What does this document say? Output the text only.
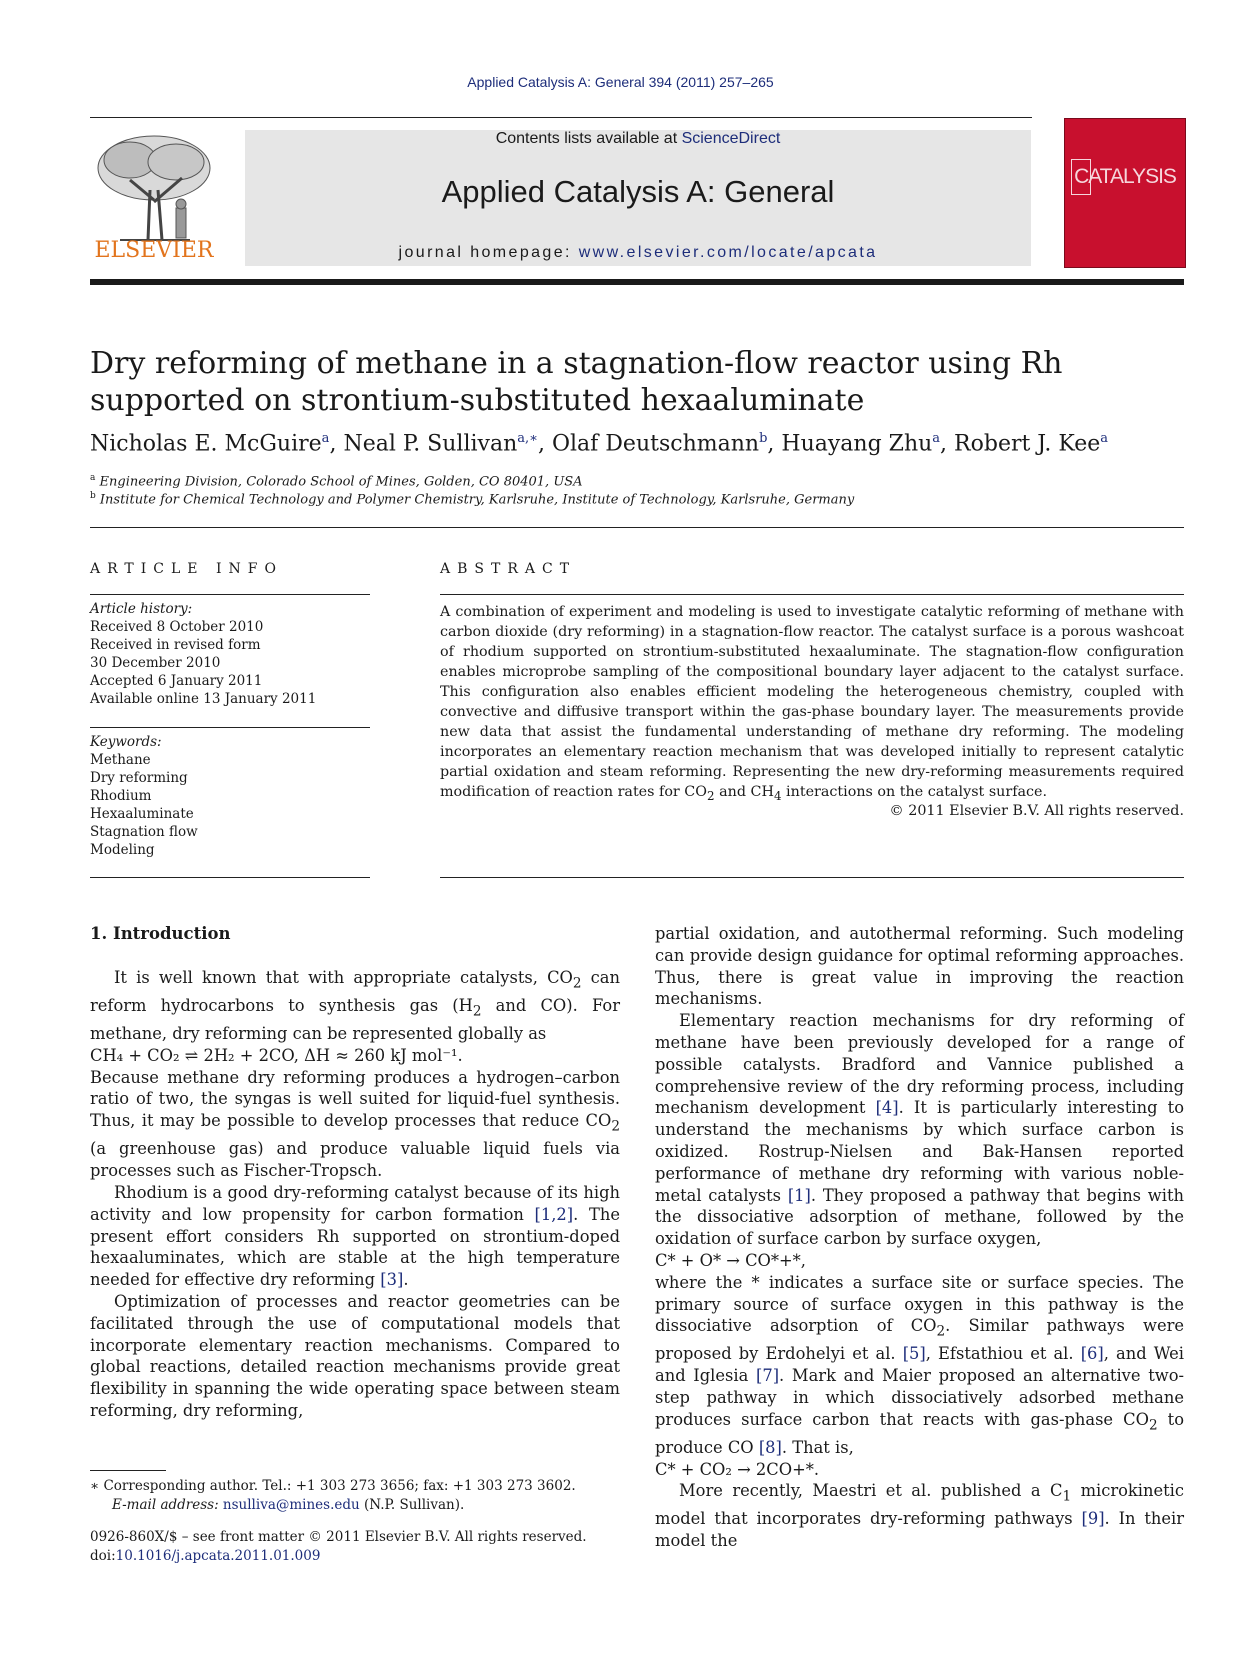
Applied Catalysis A: General 394 (2011) 257–265
ELSEVIER
Contents lists available at ScienceDirect
Applied Catalysis A: General
journal homepage: www.elsevier.com/locate/apcata
CATALYSIS
Dry reforming of methane in a stagnation-flow reactor using Rh supported on strontium-substituted hexaaluminate
Nicholas E. McGuire$^a$, Neal P. Sullivan$^{a,∗}$, Olaf Deutschmann$^b$, Huayang Zhu$^a$, Robert J. Kee$^a$
$^a$ Engineering Division, Colorado School of Mines, Golden, CO 80401, USA
$^b$ Institute for Chemical Technology and Polymer Chemistry, Karlsruhe, Institute of Technology, Karlsruhe, Germany
ARTICLE INFO
Article history:
Received 8 October 2010
Received in revised form
30 December 2010
Accepted 6 January 2011
Available online 13 January 2011
Keywords:
Methane
Dry reforming
Rhodium
Hexaaluminate
Stagnation flow
Modeling
ABSTRACT
A combination of experiment and modeling is used to investigate catalytic reforming of methane with carbon dioxide (dry reforming) in a stagnation-flow reactor. The catalyst surface is a porous washcoat of rhodium supported on strontium-substituted hexaaluminate. The stagnation-flow configuration enables microprobe sampling of the compositional boundary layer adjacent to the catalyst surface. This configuration also enables efficient modeling the heterogeneous chemistry, coupled with convective and diffusive transport within the gas-phase boundary layer. The measurements provide new data that assist the fundamental understanding of methane dry reforming. The modeling incorporates an elementary reaction mechanism that was developed initially to represent catalytic partial oxidation and steam reforming. Representing the new dry-reforming measurements required modification of reaction rates for $CO_2$ and $CH_4$ interactions on the catalyst surface.
© 2011 Elsevier B.V. All rights reserved.
1. Introduction

It is well known that with appropriate catalysts, $CO_2$ can reform hydrocarbons to synthesis gas ($H_2$ and CO). For methane, dry reforming can be represented globally as

CH₄ + CO₂ ⇌ 2H₂ + 2CO, ΔH ≈ 260 kJ mol⁻¹.

Because methane dry reforming produces a hydrogen–carbon ratio of two, the syngas is well suited for liquid-fuel synthesis. Thus, it may be possible to develop processes that reduce $CO_2$ (a greenhouse gas) and produce valuable liquid fuels via processes such as Fischer-Tropsch.

Rhodium is a good dry-reforming catalyst because of its high activity and low propensity for carbon formation [1,2]. The present effort considers Rh supported on strontium-doped hexaaluminates, which are stable at the high temperature needed for effective dry reforming [3].

Optimization of processes and reactor geometries can be facilitated through the use of computational models that incorporate elementary reaction mechanisms. Compared to global reactions, detailed reaction mechanisms provide great flexibility in spanning the wide operating space between steam reforming, dry reforming,

partial oxidation, and autothermal reforming. Such modeling can provide design guidance for optimal reforming approaches. Thus, there is great value in improving the reaction mechanisms.

Elementary reaction mechanisms for dry reforming of methane have been previously developed for a range of possible catalysts. Bradford and Vannice published a comprehensive review of the dry reforming process, including mechanism development [4]. It is particularly interesting to understand the mechanisms by which surface carbon is oxidized. Rostrup-Nielsen and Bak-Hansen reported performance of methane dry reforming with various noble-metal catalysts [1]. They proposed a pathway that begins with the dissociative adsorption of methane, followed by the oxidation of surface carbon by surface oxygen,

C* + O* → CO*+*,

where the * indicates a surface site or surface species. The primary source of surface oxygen in this pathway is the dissociative adsorption of $CO_2$. Similar pathways were proposed by Erdohelyi et al. [5], Efstathiou et al. [6], and Wei and Iglesia [7]. Mark and Maier proposed an alternative two-step pathway in which dissociatively adsorbed methane produces surface carbon that reacts with gas-phase $CO_2$ to produce CO [8]. That is,

C* + CO₂ → 2CO+*.

More recently, Maestri et al. published a $C_1$ microkinetic model that incorporates dry-reforming pathways [9]. In their model the

∗ Corresponding author. Tel.: +1 303 273 3656; fax: +1 303 273 3602.
E-mail address: nsulliva@mines.edu (N.P. Sullivan).
0926-860X/$ – see front matter © 2011 Elsevier B.V. All rights reserved.
doi:10.1016/j.apcata.2011.01.009
